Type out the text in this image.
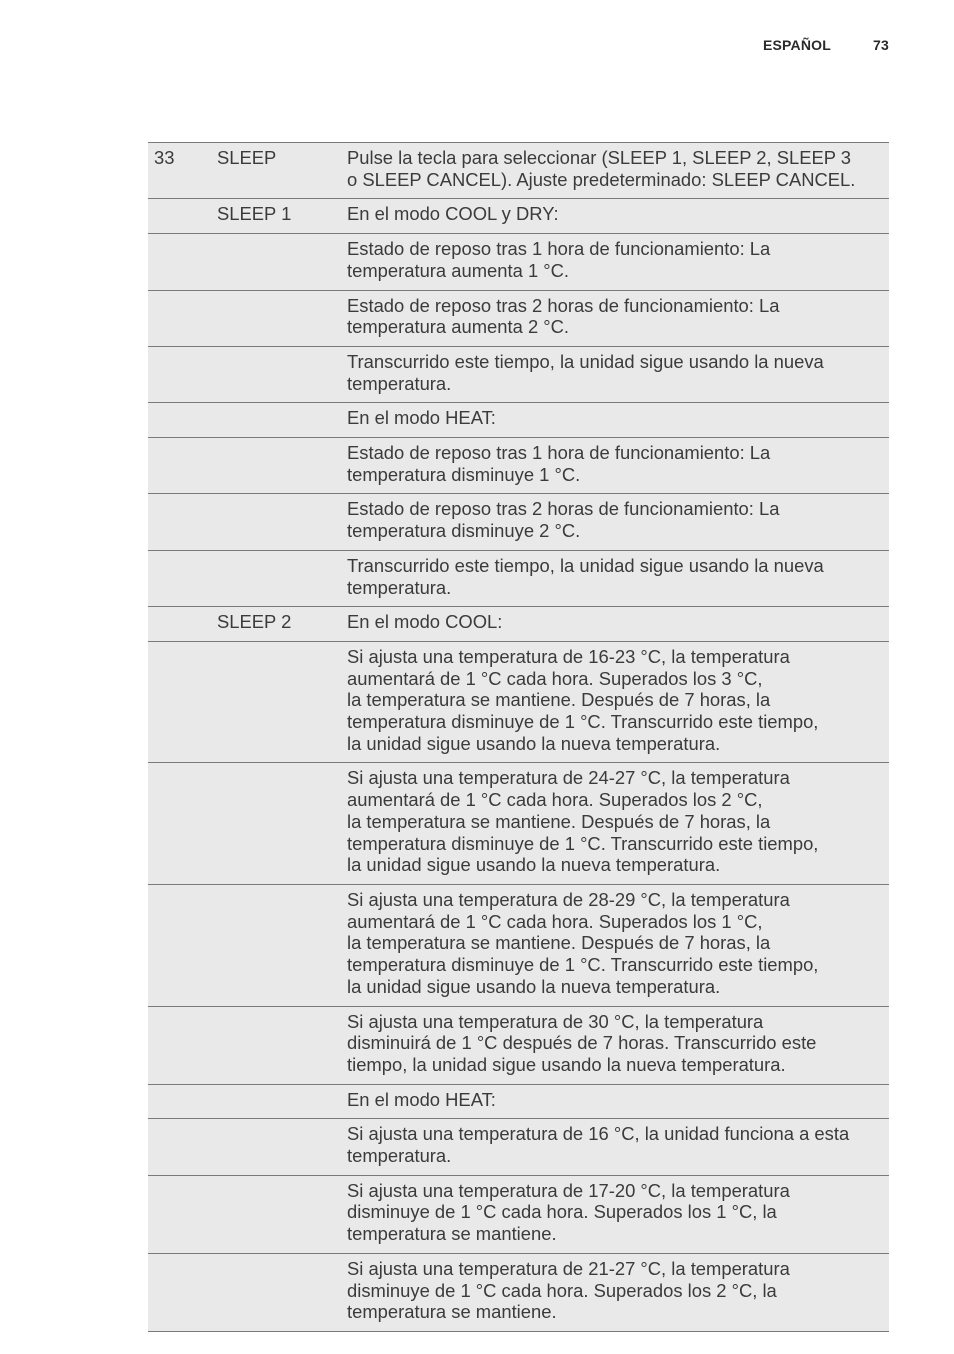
ESPAÑOL	73
33	SLEEP	Pulse la tecla para seleccionar (SLEEP 1, SLEEP 2, SLEEP 3
o SLEEP CANCEL). Ajuste predeterminado: SLEEP CANCEL.

	SLEEP 1	En el modo COOL y DRY:

		Estado de reposo tras 1 hora de funcionamiento: La
temperatura aumenta 1 °C.

		Estado de reposo tras 2 horas de funcionamiento: La
temperatura aumenta 2 °C.

		Transcurrido este tiempo, la unidad sigue usando la nueva
temperatura.

		En el modo HEAT:

		Estado de reposo tras 1 hora de funcionamiento: La
temperatura disminuye 1 °C.

		Estado de reposo tras 2 horas de funcionamiento: La
temperatura disminuye 2 °C.

		Transcurrido este tiempo, la unidad sigue usando la nueva
temperatura.

	SLEEP 2	En el modo COOL:

		Si ajusta una temperatura de 16-23 °C, la temperatura
aumentará de 1 °C cada hora. Superados los 3 °C,
la temperatura se mantiene. Después de 7 horas, la
temperatura disminuye de 1 °C. Transcurrido este tiempo,
la unidad sigue usando la nueva temperatura.

		Si ajusta una temperatura de 24-27 °C, la temperatura
aumentará de 1 °C cada hora. Superados los 2 °C,
la temperatura se mantiene. Después de 7 horas, la
temperatura disminuye de 1 °C. Transcurrido este tiempo,
la unidad sigue usando la nueva temperatura.

		Si ajusta una temperatura de 28-29 °C, la temperatura
aumentará de 1 °C cada hora. Superados los 1 °C,
la temperatura se mantiene. Después de 7 horas, la
temperatura disminuye de 1 °C. Transcurrido este tiempo,
la unidad sigue usando la nueva temperatura.

		Si ajusta una temperatura de 30 °C, la temperatura
disminuirá de 1 °C después de 7 horas. Transcurrido este
tiempo, la unidad sigue usando la nueva temperatura.

		En el modo HEAT:

		Si ajusta una temperatura de 16 °C, la unidad funciona a esta
temperatura.

		Si ajusta una temperatura de 17-20 °C, la temperatura
disminuye de 1 °C cada hora. Superados los 1 °C, la
temperatura se mantiene.

		Si ajusta una temperatura de 21-27 °C, la temperatura
disminuye de 1 °C cada hora. Superados los 2 °C, la
temperatura se mantiene.
